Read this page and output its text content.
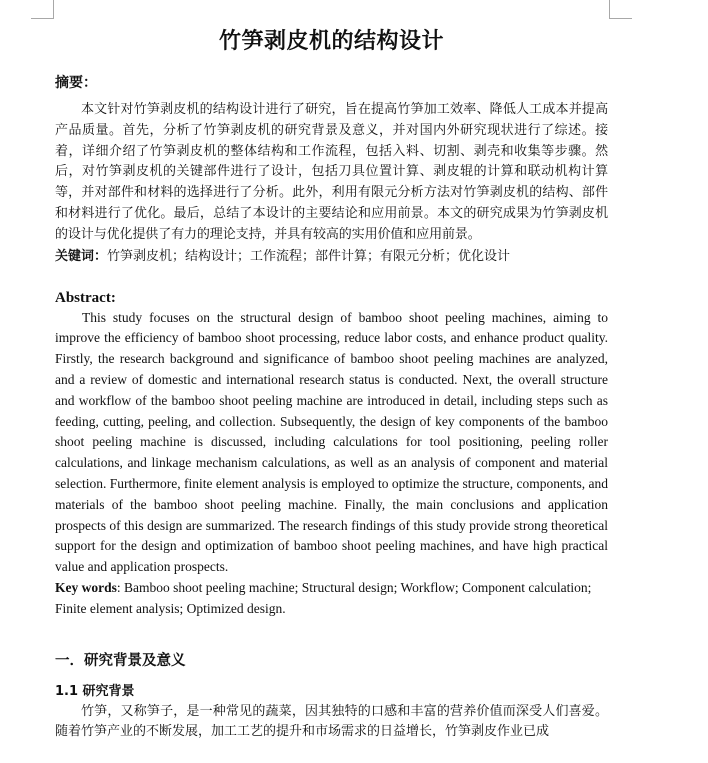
竹笋剥皮机的结构设计
摘要：

本文针对竹笋剥皮机的结构设计进行了研究，旨在提高竹笋加工效率、降低人工成本并提高产品质量。首先，分析了竹笋剥皮机的研究背景及意义，并对国内外研究现状进行了综述。接着，详细介绍了竹笋剥皮机的整体结构和工作流程，包括入料、切割、剥壳和收集等步骤。然后，对竹笋剥皮机的关键部件进行了设计，包括刀具位置计算、剥皮辊的计算和联动机构计算等，并对部件和材料的选择进行了分析。此外，利用有限元分析方法对竹笋剥皮机的结构、部件和材料进行了优化。最后，总结了本设计的主要结论和应用前景。本文的研究成果为竹笋剥皮机的设计与优化提供了有力的理论支持，并具有较高的实用价值和应用前景。

关键词：竹笋剥皮机；结构设计；工作流程；部件计算；有限元分析；优化设计

Abstract:

This study focuses on the structural design of bamboo shoot peeling machines, aiming to improve the efficiency of bamboo shoot processing, reduce labor costs, and enhance product quality. Firstly, the research background and significance of bamboo shoot peeling machines are analyzed, and a review of domestic and international research status is conducted. Next, the overall structure and workflow of the bamboo shoot peeling machine are introduced in detail, including steps such as feeding, cutting, peeling, and collection. Subsequently, the design of key components of the bamboo shoot peeling machine is discussed, including calculations for tool positioning, peeling roller calculations, and linkage mechanism calculations, as well as an analysis of component and material selection. Furthermore, finite element analysis is employed to optimize the structure, components, and materials of the bamboo shoot peeling machine. Finally, the main conclusions and application prospects of this design are summarized. The research findings of this study provide strong theoretical support for the design and optimization of bamboo shoot peeling machines, and have high practical value and application prospects.

Key words: Bamboo shoot peeling machine; Structural design; Workflow; Component calculation; Finite element analysis; Optimized design.

一．研究背景及意义
1.1 研究背景

竹笋，又称笋子，是一种常见的蔬菜，因其独特的口感和丰富的营养价值而深受人们喜爱。随着竹笋产业的不断发展，加工工艺的提升和市场需求的日益增长，竹笋剥皮作业已成
